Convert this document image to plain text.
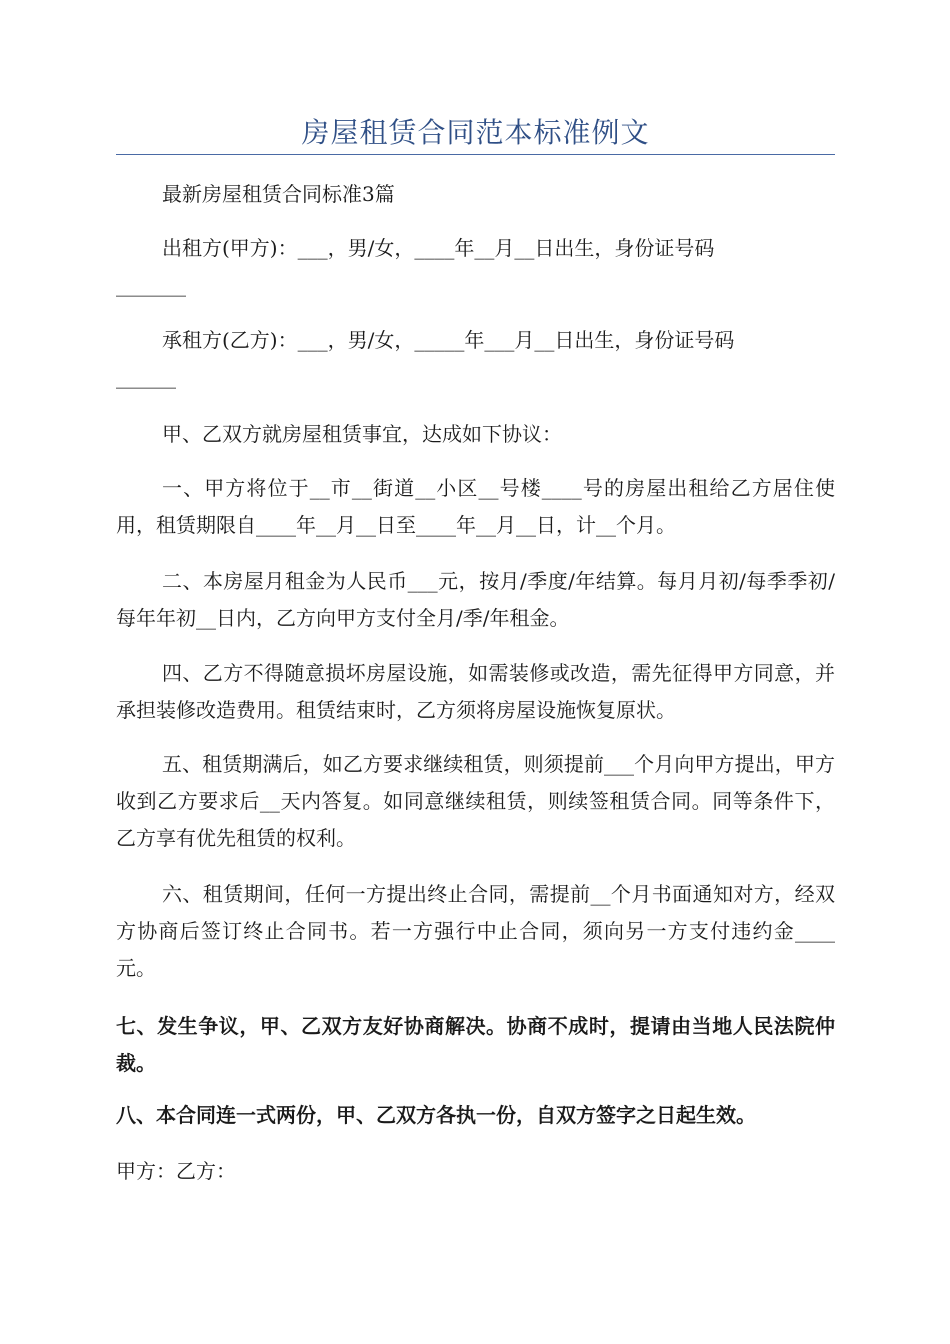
房屋租赁合同范本标准例文

最新房屋租赁合同标准3篇

出租方(甲方)：___，男/女，____年__月__日出生，身份证号码
_______
承租方(乙方)：___，男/女，_____年___月__日出生，身份证号码
______

甲、乙双方就房屋租赁事宜，达成如下协议：

一、甲方将位于__市__街道__小区__号楼____号的房屋出租给乙方居住使用，租赁期限自____年__月__日至____年__月__日，计__个月。

二、本房屋月租金为人民币___元，按月/季度/年结算。每月月初/每季季初/每年年初__日内，乙方向甲方支付全月/季/年租金。

四、乙方不得随意损坏房屋设施，如需装修或改造，需先征得甲方同意，并承担装修改造费用。租赁结束时，乙方须将房屋设施恢复原状。

五、租赁期满后，如乙方要求继续租赁，则须提前___个月向甲方提出，甲方收到乙方要求后__天内答复。如同意继续租赁，则续签租赁合同。同等条件下，乙方享有优先租赁的权利。

六、租赁期间，任何一方提出终止合同，需提前__个月书面通知对方，经双方协商后签订终止合同书。若一方强行中止合同，须向另一方支付违约金____元。

七、发生争议，甲、乙双方友好协商解决。协商不成时，提请由当地人民法院仲裁。

八、本合同连一式两份，甲、乙双方各执一份，自双方签字之日起生效。

甲方：乙方：
